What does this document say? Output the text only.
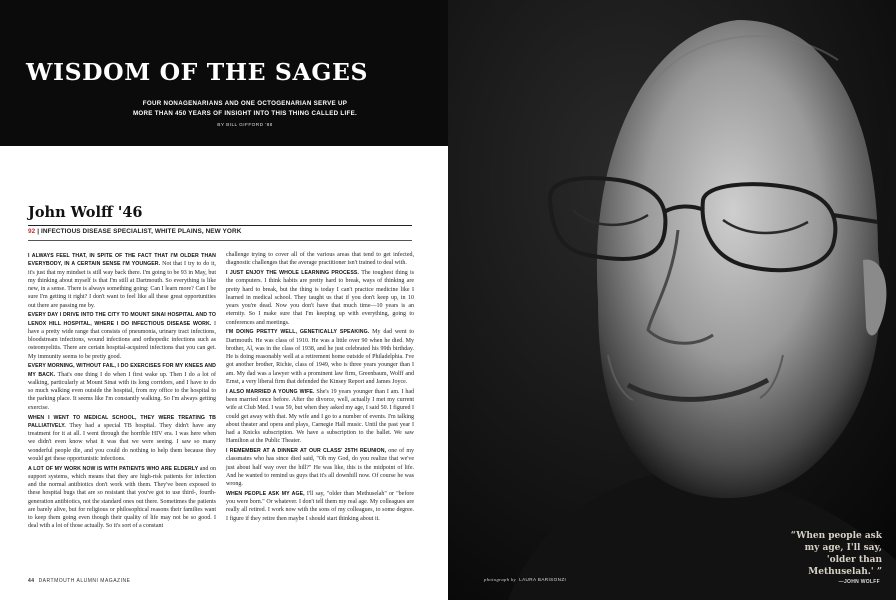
WISDOM OF THE SAGES
FOUR NONAGENARIANS AND ONE OCTOGENARIAN SERVE UP
MORE THAN 450 YEARS OF INSIGHT INTO THIS THING CALLED LIFE.
BY BILL GIFFORD '88
John Wolff '46
92 | INFECTIOUS DISEASE SPECIALIST, WHITE PLAINS, NEW YORK

I ALWAYS FEEL THAT, IN SPITE OF THE FACT THAT I'M OLDER THAN EVERYBODY, IN A CERTAIN SENSE I'M YOUNGER. Not that I try to do it, it's just that my mindset is still way back there. I'm going to be 93 in May, but my thinking about myself is that I'm still at Dartmouth. So everything is like new, in a sense. There is always something going: Can I learn more? Can I be sure I'm getting it right? I don't want to feel like all these great opportunities out there are passing me by.

EVERY DAY I DRIVE INTO THE CITY TO MOUNT SINAI HOSPITAL AND TO LENOX HILL HOSPITAL, WHERE I DO INFECTIOUS DISEASE WORK. I have a pretty wide range that consists of pneumonia, urinary tract infections, bloodstream infections, wound infections and orthopedic infections such as osteomyelitis. There are certain hospital-acquired infections that you can get. My immunity seems to be pretty good.

EVERY MORNING, WITHOUT FAIL, I DO EXERCISES FOR MY KNEES AND MY BACK. That's one thing I do when I first wake up. Then I do a lot of walking, particularly at Mount Sinai with its long corridors, and I have to do so much walking even outside the hospital, from my office to the hospital to the parking place. It seems like I'm constantly walking. So I'm always getting exercise.

WHEN I WENT TO MEDICAL SCHOOL, THEY WERE TREATING TB PALLIATIVELY. They had a special TB hospital. They didn't have any treatment for it at all. I went through the horrible HIV era. I was here when we didn't even know what it was that we were seeing. I saw so many wonderful people die, and you could do nothing to help them because they would get these opportunistic infections.

A LOT OF MY WORK NOW IS WITH PATIENTS WHO ARE ELDERLY and on support systems, which means that they are high-risk patients for infection and the normal antibiotics don't work with them. They've been exposed to these hospital bugs that are so resistant that you've got to use third-, fourth-generation antibiotics, not the standard ones out there. Sometimes the patients are barely alive, but for religious or philosophical reasons their families want to keep them going even though their quality of life may not be so good. I deal with a lot of those actually. So it's sort of a constant

challenge trying to cover all of the various areas that tend to get infected, diagnostic challenges that the average practitioner isn't trained to deal with.

I JUST ENJOY THE WHOLE LEARNING PROCESS. The toughest thing is the computers. I think habits are pretty hard to break, ways of thinking are pretty hard to break, but the thing is today I can't practice medicine like I learned in medical school. They taught us that if you don't keep up, in 10 years you're dead. Now you don't have that much time—10 years is an eternity. So I make sure that I'm keeping up with everything, going to conferences and meetings.

I'M DOING PRETTY WELL, GENETICALLY SPEAKING. My dad went to Dartmouth. He was class of 1910. He was a little over 90 when he died. My brother, Al, was in the class of 1938, and he just celebrated his 99th birthday. He is doing reasonably well at a retirement home outside of Philadelphia. I've got another brother, Richie, class of 1949, who is three years younger than I am. My dad was a lawyer with a prominent law firm, Greenbaum, Wolff and Ernst, a very liberal firm that defended the Kinsey Report and James Joyce.

I ALSO MARRIED A YOUNG WIFE. She's 19 years younger than I am. I had been married once before. After the divorce, well, actually I met my current wife at Club Med. I was 59, but when they asked my age, I said 50. I figured I could get away with that. My wife and I go to a number of events. I'm talking about theater and opera and plays, Carnegie Hall music. Until the past year I had a Knicks subscription. We have a subscription to the ballet. We saw Hamilton at the Public Theater.

I REMEMBER AT A DINNER AT OUR CLASS' 25TH REUNION, one of my classmates who has since died said, "Oh my God, do you realize that we've just about half way over the hill?" He was like, this is the midpoint of life. And he wanted to remind us guys that it's all downhill now. Of course he was wrong.

WHEN PEOPLE ASK MY AGE, I'll say, "older than Methuselah" or "before you were born." Or whatever. I don't tell them my real age. My colleagues are really all retired. I work now with the sons of my colleagues, to some degree. I figure if they retire then maybe I should start thinking about it.

44 DARTMOUTH ALUMNI MAGAZINE	photograph by LAURA BARISONZI
“When people ask my age, I'll say, 'older than Methuselah.' ”
—JOHN WOLFF
